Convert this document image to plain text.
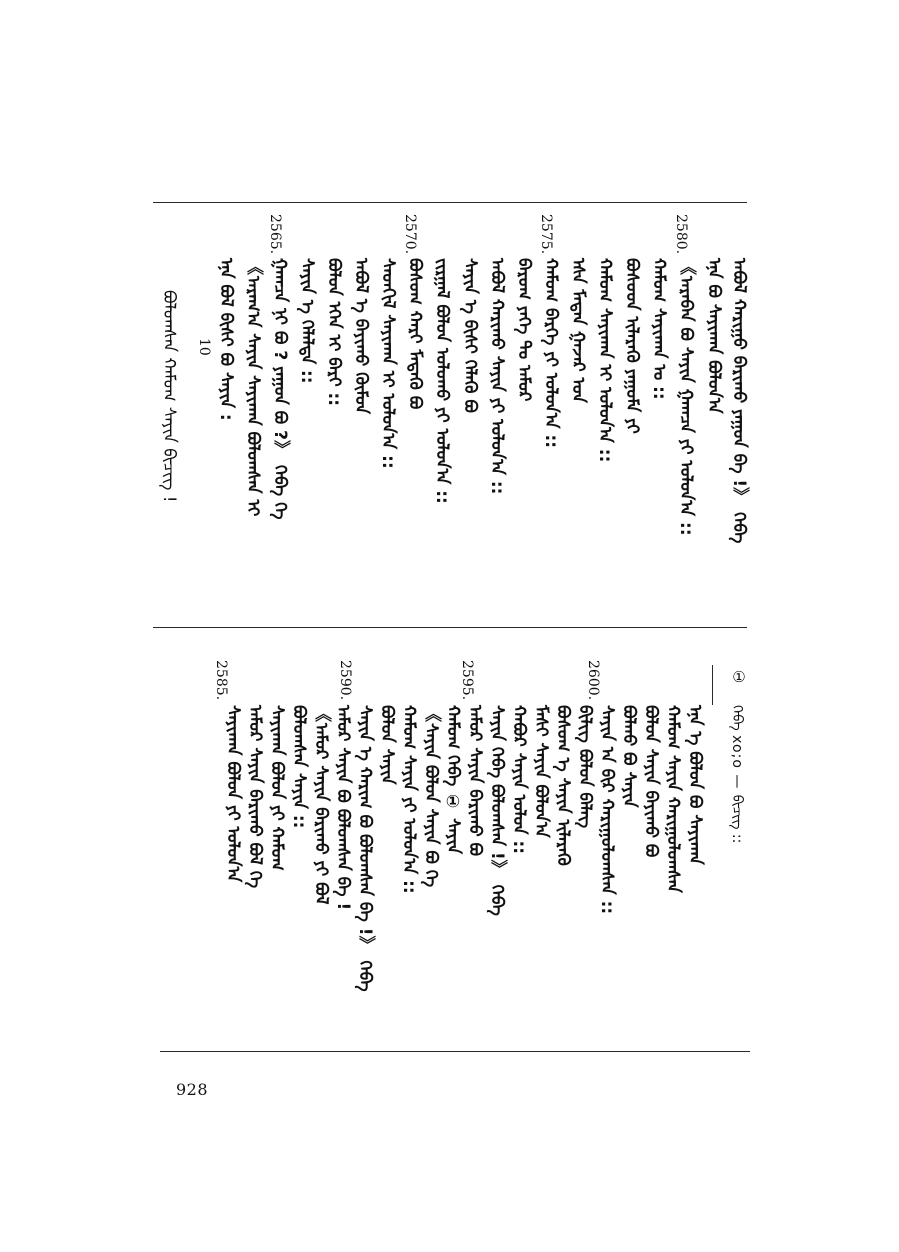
ᠠᠪᠤᠯ ᠬᠠᠷᠢᠭᠤ ᠪᠠᠷᠢᠬᠤ ᠶᠠᠭᠤᠨ ᠪᠠ !》 ᠭᠡᠪᠡ
ᠡᠨᠡ ᠪᠤ ᠰᠠᠶᠢᠬᠠᠨ ᠪᠤᠯᠤᠨ᠎ᠠ
《ᠠᠷᠠᠪᠠᠨ ᠪᠤ ᠰᠠᠶᠢᠨ ᠭᠠᠭᠴᠠ ᠶᠢ ᠤᠯᠤᠨ᠎ᠠ ::
ᠬᠠᠮᠤᠭ ᠰᠠᠶᠢᠬᠠᠨ ᠤ ::
ᠪᠤᠰᠤᠳ ᠢᠯᠡᠷᠡᠬᠦ ᠶᠠᠭᠤᠮᠠ ᠶᠢ
ᠬᠠᠮᠤᠭ ᠰᠠᠶᠢᠬᠠᠨ ᠢ ᠤᠯᠤᠨ᠎ᠠ ::
ᠡᠰᠡ ᠮᠡᠳᠡᠨ ᠭᠠᠵᠠᠷ ᠤᠨ
ᠬᠠᠮᠤᠭ ᠪᠡᠷᠬᠡ ᠶᠢ ᠤᠯᠤᠨ᠎ᠠ ::
ᠪᠠᠷᠤᠭ ᠶᠡᠬᠡ ᠲᠤ ᠠᠮᠤᠷ
ᠠᠪᠤᠯ ᠬᠠᠷᠢᠬᠤ ᠰᠠᠶᠢᠨ ᠶᠢ ᠤᠯᠤᠨ᠎ᠠ ::
ᠰᠠᠶᠢᠨ ᠡ ᠪᠢᠰᠢ ᠬᠡᠯᠡᠬᠦ ᠪᠤ
ᠵᠢᠷᠭᠠᠯ ᠪᠤᠯᠤᠨ ᠤᠯᠤᠬᠤ ᠶᠢ ᠤᠯᠤᠨ᠎ᠠ ::
ᠪᠤᠰᠤᠭ ᠬᠠᠷᠢ ᠮᠡᠳᠡᠬᠦ ᠪᠤ
ᠰᠡᠳᠬᠢᠯ ᠰᠠᠶᠢᠬᠠᠨ ᠢ ᠤᠯᠤᠨ᠎ᠠ ::
ᠠᠪᠤᠯ ᠡ ᠪᠠᠶᠢᠬᠤ ᠬᠦᠮᠦᠨ
ᠪᠤᠯᠤᠨ ᠡᠬᠡᠨ ᠢ ᠪᠠᠷᠢ ::
ᠰᠠᠶᠢᠨ ᠡ ᠬᠡᠯᠡᠯᠲᠡ ::
ᠭᠠᠭᠴᠠ ᠨᠢ ᠪᠤ ? ᠶᠠᠭᠤᠨ ᠪᠤ ?》 ᠭᠡᠪᠡ ᠬᠡ
《ᠠᠷᠠᠭ᠎ᠠ ᠰᠠᠶᠢᠨ ᠰᠠᠶᠢᠬᠠᠨ ᠪᠤᠯᠤᠭᠰᠠᠨ ᠢ
ᠡᠨᠡ ᠪᠤᠯ ᠪᠢᠰᠢ ᠪᠤ ᠰᠠᠶᠢᠨ :
2580.
2575.
2570.
2565.
10
ᠪᠤᠯᠤᠭᠰᠠᠨ ᠬᠠᠮᠤᠭ ᠰᠠᠶᠢᠨ ᠪᠢᠴᠢᠭ !
①
ᠭᠡᠪᠡ xo;o — ᠪᠢᠴᠢᠭ᠌ ::
ᠡᠨᠡ ᠡ ᠪᠤᠯᠤᠨ ᠪᠤ ᠰᠠᠶᠢᠬᠠᠨ
ᠬᠠᠮᠤᠭ ᠰᠠᠶᠢᠨ ᠬᠠᠷᠢᠭᠤᠯᠤᠭᠰᠠᠨ
ᠪᠤᠯᠤᠨ ᠰᠠᠶᠢᠨ ᠪᠠᠶᠢᠬᠤ ᠪᠤ
ᠪᠤᠯᠬᠤ ᠪᠤ ᠰᠠᠶᠢᠨ
ᠰᠠᠶᠢᠨ ᠠ ᠪᠢᠷ ᠬᠠᠷᠢᠭᠤᠯᠤᠭᠰᠠᠨ ::
ᠪᠢᠯᠢᠭ ᠪᠤᠯᠤᠨ ᠪᠡᠯᠡᠭ
ᠪᠤᠰᠤᠭ ᠡ ᠰᠠᠶᠢᠨ ᠢᠯᠡᠷᠡᠬᠦ
ᠮᠠᠰᠢ ᠰᠠᠶᠢᠨ ᠪᠤᠯᠤᠨ᠎ᠠ
ᠬᠠᠪᠤᠷ ᠰᠠᠶᠢᠨ ᠤᠯᠤᠨ ::
ᠰᠠᠶᠢᠨ ᠭᠡᠪᠡ ᠪᠤᠯᠤᠭᠰᠠᠨ !》 ᠭᠡᠪᠡ
ᠠᠮᠤᠷ ᠰᠠᠶᠢᠨ ᠪᠠᠷᠢᠬᠤ ᠪᠤ
ᠬᠠᠮᠤᠭ ᠭᠡᠪᠡ ① ᠰᠠᠶᠢᠨ
《ᠰᠠᠶᠢᠨ ᠪᠤᠯᠤᠨ ᠰᠠᠶᠢᠨ ᠪᠤ ᠬᠡ
ᠬᠠᠮᠤᠭ ᠰᠠᠶᠢᠨ ᠶᠢ ᠤᠯᠤᠨ᠎ᠠ ::
ᠪᠤᠯᠤᠨ ᠰᠠᠶᠢᠨ
ᠰᠠᠶᠢᠨ ᠡ ᠬᠠᠷᠢᠭ ᠪᠤ ᠪᠤᠯᠤᠭᠰᠠᠨ ᠪᠠ !》 ᠭᠡᠪᠡ
ᠠᠮᠤᠷ ᠰᠠᠶᠢᠨ ᠪᠤ ᠪᠤᠯᠤᠭᠰᠠᠨ ᠪᠠ !
《ᠠᠮᠤᠷ ᠰᠠᠶᠢᠨ ᠪᠠᠷᠢᠬᠤ ᠶᠢ ᠪᠤᠯ
ᠪᠤᠯᠤᠭᠰᠠᠨ ᠰᠠᠶᠢᠨ ::
ᠰᠠᠶᠢᠬᠠᠨ ᠪᠤᠯᠤᠨ ᠶᠢ ᠬᠠᠮᠤᠭ
ᠠᠮᠤᠷ ᠰᠠᠶᠢᠨ ᠪᠠᠷᠢᠬᠤ ᠪᠤᠯ ᠬᠡ
ᠰᠠᠶᠢᠬᠠᠨ ᠪᠤᠯᠤᠨ ᠶᠢ ᠤᠯᠤᠨ᠎ᠠ
2600.
2595.
2590.
2585.
928
